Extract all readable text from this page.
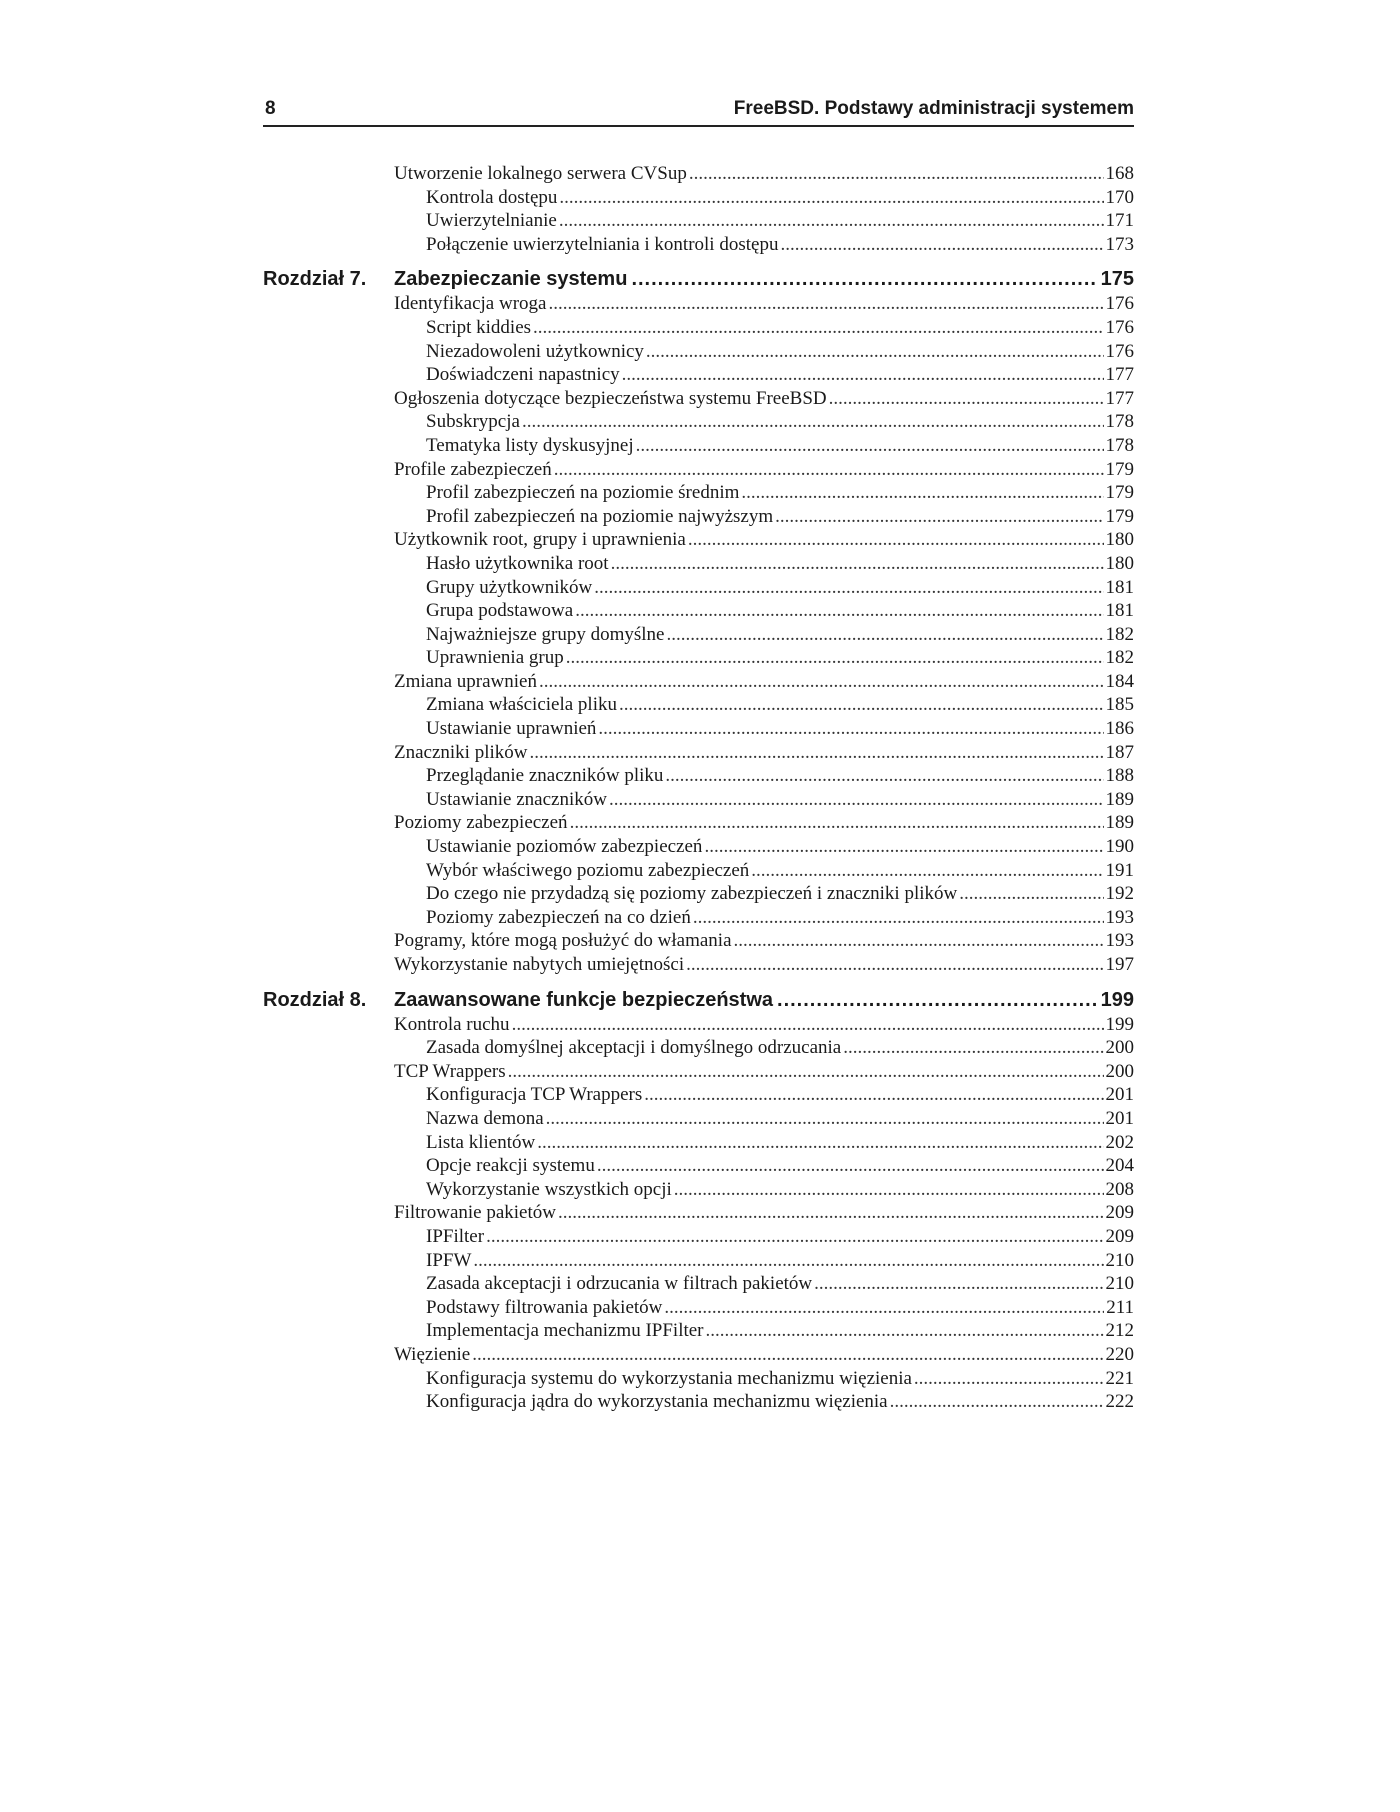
8	FreeBSD. Podstawy administracji systemem
Utworzenie lokalnego serwera CVSup .....	168
Kontrola dostępu .....	170
Uwierzytelnianie .....	171
Połączenie uwierzytelniania i kontroli dostępu .....	173
Rozdział 7.	Zabezpieczanie systemu .....	175
Identyfikacja wroga .....	176
Script kiddies .....	176
Niezadowoleni użytkownicy .....	176
Doświadczeni napastnicy .....	177
Ogłoszenia dotyczące bezpieczeństwa systemu FreeBSD .....	177
Subskrypcja .....	178
Tematyka listy dyskusyjnej .....	178
Profile zabezpieczeń .....	179
Profil zabezpieczeń na poziomie średnim .....	179
Profil zabezpieczeń na poziomie najwyższym .....	179
Użytkownik root, grupy i uprawnienia .....	180
Hasło użytkownika root .....	180
Grupy użytkowników .....	181
Grupa podstawowa .....	181
Najważniejsze grupy domyślne .....	182
Uprawnienia grup .....	182
Zmiana uprawnień .....	184
Zmiana właściciela pliku .....	185
Ustawianie uprawnień .....	186
Znaczniki plików .....	187
Przeglądanie znaczników pliku .....	188
Ustawianie znaczników .....	189
Poziomy zabezpieczeń .....	189
Ustawianie poziomów zabezpieczeń .....	190
Wybór właściwego poziomu zabezpieczeń .....	191
Do czego nie przydadzą się poziomy zabezpieczeń i znaczniki plików .....	192
Poziomy zabezpieczeń na co dzień .....	193
Pogramy, które mogą posłużyć do włamania .....	193
Wykorzystanie nabytych umiejętności .....	197
Rozdział 8.	Zaawansowane funkcje bezpieczeństwa .....	199
Kontrola ruchu .....	199
Zasada domyślnej akceptacji i domyślnego odrzucania .....	200
TCP Wrappers .....	200
Konfiguracja TCP Wrappers .....	201
Nazwa demona .....	201
Lista klientów .....	202
Opcje reakcji systemu .....	204
Wykorzystanie wszystkich opcji .....	208
Filtrowanie pakietów .....	209
IPFilter .....	209
IPFW .....	210
Zasada akceptacji i odrzucania w filtrach pakietów .....	210
Podstawy filtrowania pakietów .....	211
Implementacja mechanizmu IPFilter .....	212
Więzienie .....	220
Konfiguracja systemu do wykorzystania mechanizmu więzienia .....	221
Konfiguracja jądra do wykorzystania mechanizmu więzienia .....	222
